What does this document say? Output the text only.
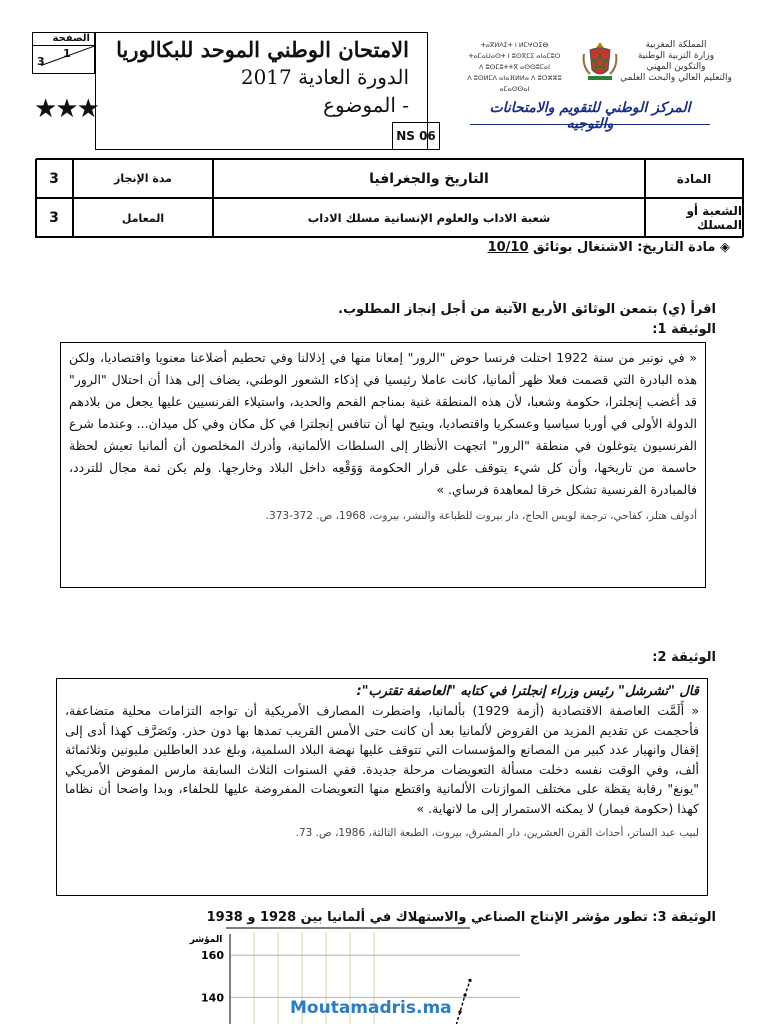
الصفحة
1
3
★★★
الامتحان الوطني الموحد للبكالوريا
الدورة العادية 2017
- الموضوع
NS 06
ⵜⴰⴳⵍⴷⵉⵜ ⵏ ⵍⵎⵖⵔⵉⴱ
ⵜⴰⵎⴰⵡⴰⵙⵜ ⵏ ⵓⵙⴳⵎⵉ ⴰⵏⴰⵎⵓⵔ
ⴷ ⵓⵙⵎⵓⵜⵜⴳ ⴰⵙⵙⵓⵎⴰⵏ
ⴷ ⵓⵙⵍⵎⴷ ⴰⵏⴰⴼⵍⵍⴰ ⴷ ⵓⵔⵣⵣⵓ ⴰⵎⴰⵙⵙⴰⵏ
المملكة المغربية
وزارة التربية الوطنية
والتكوين المهني
والتعليم العالي والبحث العلمي
المركز الوطني للتقويم والامتحانات والتوجيه
المادة
التاريخ والجغرافيا
مدة الإنجاز
3
الشعبة أو المسلك
شعبة الاداب والعلوم الإنسانية مسلك الاداب
المعامل
3
◈ مادة التاريخ: الاشتغال بوثائق 10/10
اقرأ (ي) بتمعن الوثائق الأربع الآتية من أجل إنجاز المطلوب.
الوثيقة 1:
« في نونبر من سنة 1922 احتلت فرنسا حوض "الرور" إمعانا منها في إذلالنا وفي تحطيم أضلاعنا معنويا واقتصاديا، ولكن هذه البادرة التي قصمت فعلا ظهر ألمانيا، كانت عاملا رئيسيا في إذكاء الشعور الوطني، يضاف إلى هذا أن احتلال "الرور" قد أغضب إنجلترا، حكومة وشعبا، لأن هذه المنطقة غنية بمناجم الفحم والحديد، واستيلاء الفرنسيين عليها يجعل من بلادهم الدولة الأولى في أوربا سياسيا وعسكريا واقتصاديا، ويتيح لها أن تنافس إنجلترا في كل مكان وفي كل ميدان... وعندما شرع الفرنسيون يتوغلون في منطقة "الرور" اتجهت الأنظار إلى السلطات الألمانية، وأدرك المخلصون أن ألمانيا تعيش لحظة حاسمة من تاريخها، وأن كل شيء يتوقف على قرار الحكومة وَوَقْعِه داخل البلاد وخارجها. ولم يكن ثمة مجال للتردد، فالمبادرة الفرنسية تشكل خرقا لمعاهدة فرساي. »
أدولف هتلر، كفاحي، ترجمة لويس الحاج، دار بيروت للطباعة والنشر، بيروت، 1968، ص. 372-373.
الوثيقة 2:
قال "تشرشل" رئيس وزراء إنجلترا في كتابه "العاصفة تقترب":
« أَلَمَّت العاصفة الاقتصادية (أزمة 1929) بألمانيا، واضطرت المصارف الأمريكية أن تواجه التزامات محلية متضاعفة، فأحجمت عن تقديم المزيد من القروض لألمانيا بعد أن كانت حتى الأمس القريب تمدها بها دون حذر. وتَصَرَّف كهذا أدى إلى إقفال وانهيار عدد كبير من المصانع والمؤسسات التي تتوقف عليها نهضة البلاد السلمية، وبلغ عدد العاطلين مليونين وثلاثمائة ألف، وفي الوقت نفسه دخلت مسألة التعويضات مرحلة جديدة. ففي السنوات الثلاث السابقة مارس المفوض الأمريكي "يونغ" رقابة يقظة على مختلف الموازنات الألمانية واقتطع منها التعويضات المفروضة عليها للحلفاء، وبدا واضحا أن نظاما كهذا (حكومة فيمار) لا يمكنه الاستمرار إلى ما لانهاية. »
لبيب عبد الساتر، أحداث القرن العشرين، دار المشرق، بيروت، الطبعة الثالثة، 1986، ص. 73.
الوثيقة 3: تطور مؤشر الإنتاج الصناعي والاستهلاك في ألمانيا بين 1928 و 1938
140
160
المؤشر
Moutamadris.ma
